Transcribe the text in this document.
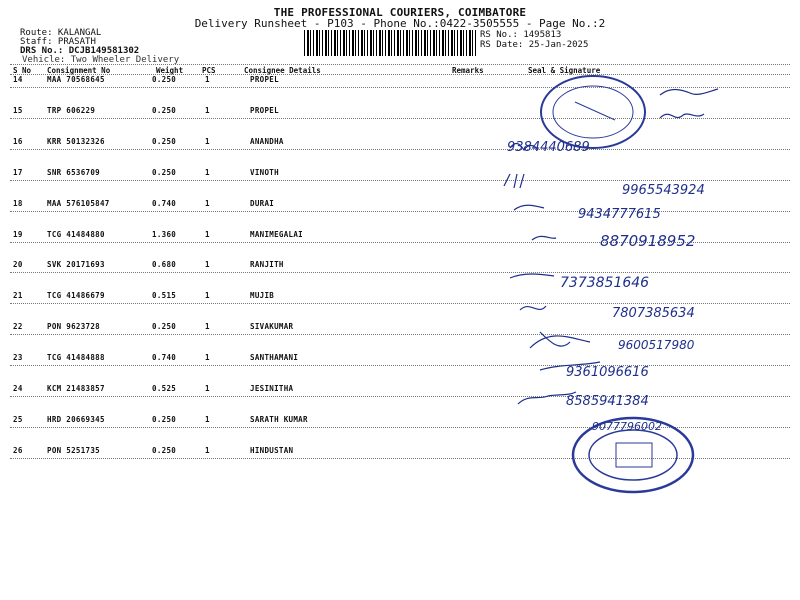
THE PROFESSIONAL COURIERS, COIMBATORE
Delivery Runsheet - P103 - Phone No.:0422-3505555 - Page No.:2
Route: KALANGAL
Staff: PRASATH
DRS No.: DCJB149581302
RS No.: 1495813
RS Date: 25-Jan-2025
Vehicle: Two Wheeler Delivery
S No Consignment No	Weight	PCS	Consignee Details	Remarks	Seal & Signature
14	MAA 70568645	0.250	1	PROPEL
15	TRP 606229	0.250	1	PROPEL
16	KRR 50132326	0.250	1	ANANDHA
17	SNR 6536709	0.250	1	VINOTH
18	MAA 576105847	0.740	1	DURAI
19	TCG 41484880	1.360	1	MANIMEGALAI
20	SVK 20171693	0.680	1	RANJITH
21	TCG 41486679	0.515	1	MUJIB
22	PON 9623728	0.250	1	SIVAKUMAR
23	TCG 41484888	0.740	1	SANTHAMANI
24	KCM 21483857	0.525	1	JESINITHA
25	HRD 20669345	0.250	1	SARATH KUMAR
26	PON 5251735	0.250	1	HINDUSTAN
9384440689
9965543924
9434777615
8870918952
7373851646
7807385634
9600517980
9361096616
8585941384
9077796002
